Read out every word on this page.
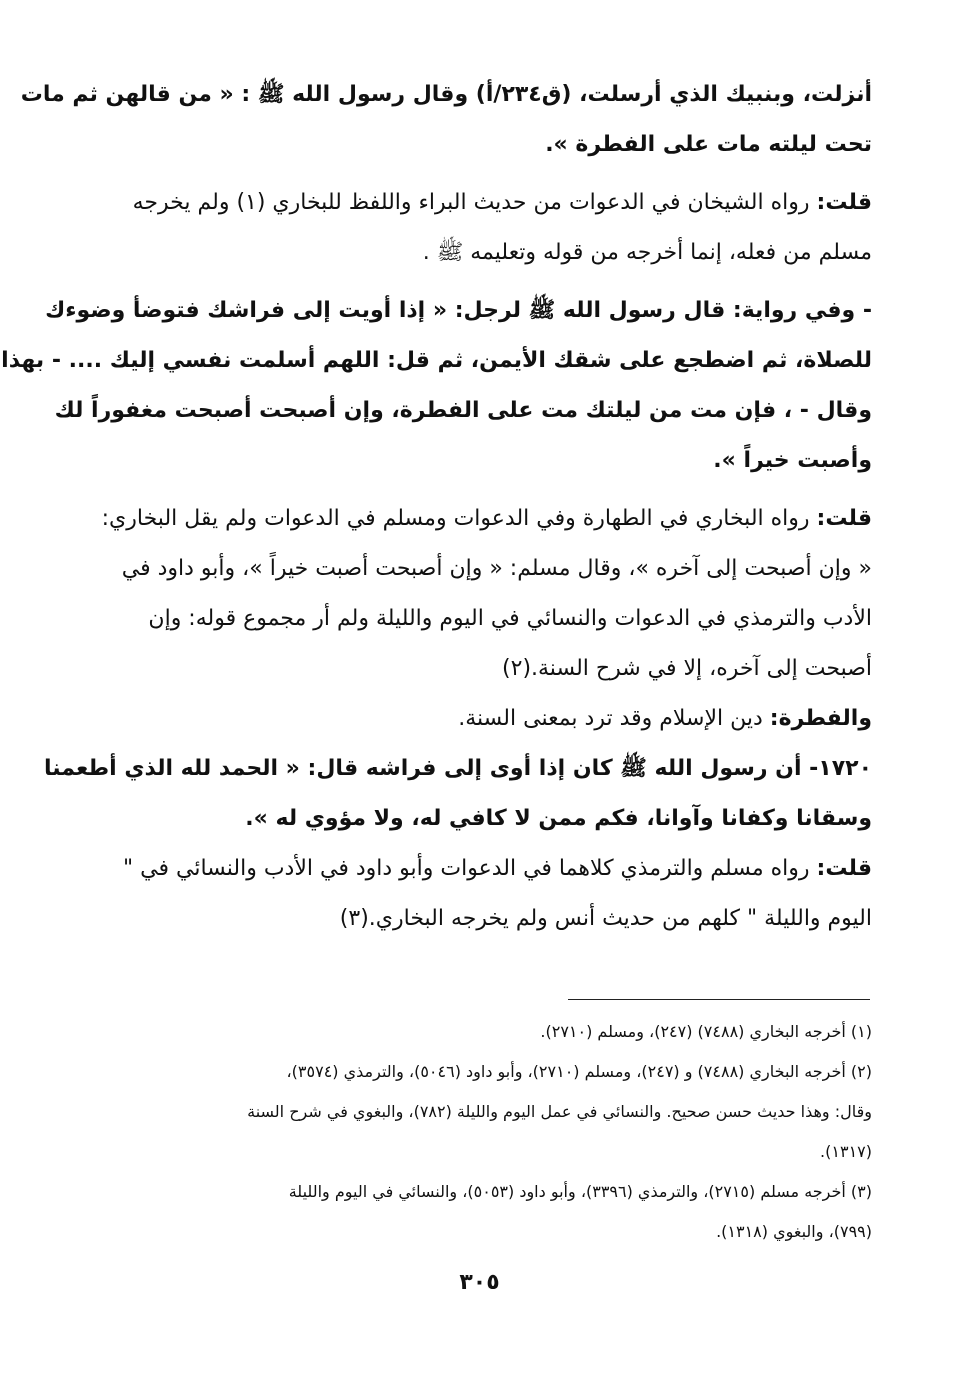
أنزلت، وبنبيك الذي أرسلت، (ق٢٣٤/أ) وقال رسول الله ﷺ : « من قالهن ثم مات
تحت ليلته مات على الفطرة ».
قلت: رواه الشيخان في الدعوات من حديث البراء واللفظ للبخاري (١) ولم يخرجه
مسلم من فعله، إنما أخرجه من قوله وتعليمه ﷺ .
- وفي رواية: قال رسول الله ﷺ لرجل: « إذا أويت إلى فراشك فتوضأ وضوءك
للصلاة، ثم اضطجع على شقك الأيمن، ثم قل: اللهم أسلمت نفسي إليك .... - بهذا
وقال - ، فإن مت من ليلتك مت على الفطرة، وإن أصبحت أصبحت مغفوراً لك
وأصبت خيراً ».
قلت: رواه البخاري في الطهارة وفي الدعوات ومسلم في الدعوات ولم يقل البخاري:
« وإن أصبحت إلى آخره »، وقال مسلم: « وإن أصبحت أصبت خيراً »، وأبو داود في
الأدب والترمذي في الدعوات والنسائي في اليوم والليلة ولم أر مجموع قوله: وإن
أصبحت إلى آخره، إلا في شرح السنة.(٢)
والفطرة: دين الإسلام وقد ترد بمعنى السنة.
١٧٢٠- أن رسول الله ﷺ كان إذا أوى إلى فراشه قال: « الحمد لله الذي أطعمنا
وسقانا وكفانا وآوانا، فكم ممن لا كافي له، ولا مؤوي له ».
قلت: رواه مسلم والترمذي كلاهما في الدعوات وأبو داود في الأدب والنسائي في "
اليوم والليلة " كلهم من حديث أنس ولم يخرجه البخاري.(٣)
(١) أخرجه البخاري (٧٤٨٨) (٢٤٧)، ومسلم (٢٧١٠).
(٢) أخرجه البخاري (٧٤٨٨) و (٢٤٧)، ومسلم (٢٧١٠)، وأبو داود (٥٠٤٦)، والترمذي (٣٥٧٤)،
وقال: وهذا حديث حسن صحيح. والنسائي في عمل اليوم والليلة (٧٨٢)، والبغوي في شرح السنة
(١٣١٧).
(٣) أخرجه مسلم (٢٧١٥)، والترمذي (٣٣٩٦)، وأبو داود (٥٠٥٣)، والنسائي في اليوم والليلة
(٧٩٩)، والبغوي (١٣١٨).
٣٠٥
